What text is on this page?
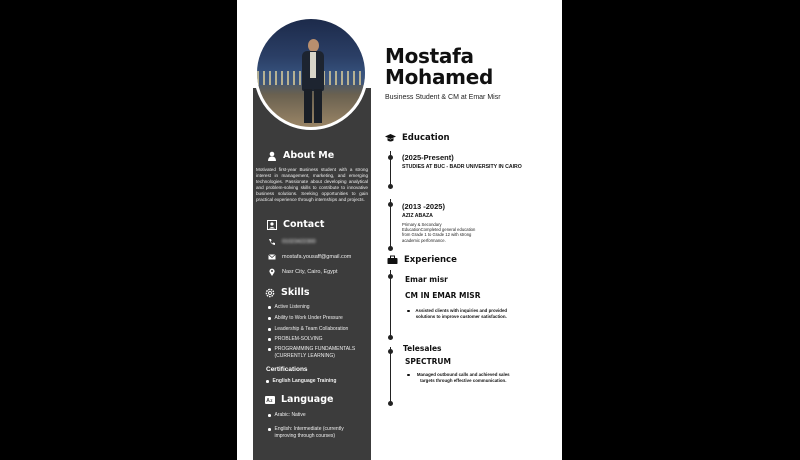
Mostafa Mohamed
Business Student & CM at Emar Misr
About Me
Motivated first-year Business student with a strong interest in management, marketing, and emerging technologies. Passionate about developing analytical and problem-solving skills to contribute to innovative business solutions. Seeking opportunities to gain practical experience through internships and projects.
Contact
01023422300
mostafa.yousaff@gmail.com
Nasr City, Cairo, Egypt
Skills
Active Listening
Ability to Work Under Pressure
Leadership & Team Collaboration
PROBLEM-SOLVING
PROGRAMMING FUNDAMENTALS (CURRENTLY LEARNING)
Certifications
English Language Training
A z Language
Arabic: Native
English: Intermediate (currently improving through courses)
Education
(2025-Present)
STUDIES AT BUC - BADR UNIVERSITY IN CAIRO
(2013 -2025)
AZIZ ABAZA
Primary & Secondary EducationCompleted general education from Grade 1 to Grade 12 with strong academic performance.
Experience
Emar misr
CM IN EMAR MISR
Assisted clients with inquiries and provided solutions to improve customer satisfaction.
Telesales
SPECTRUM
Managed outbound calls and achieved sales targets through effective communication.
